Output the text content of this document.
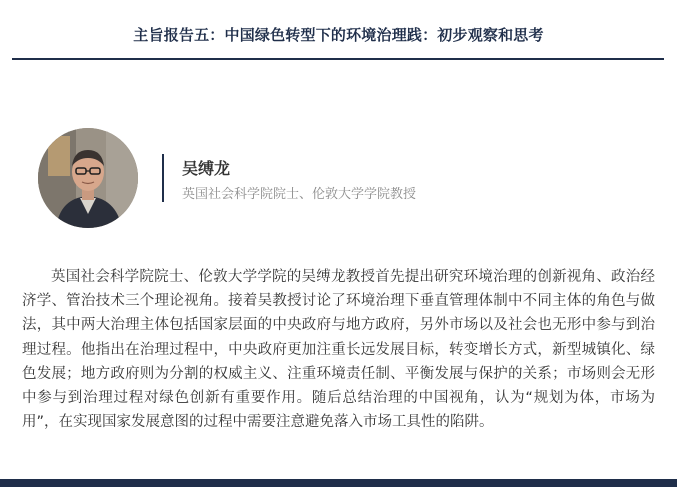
主旨报告五：中国绿色转型下的环境治理践：初步观察和思考
吴缚龙
英国社会科学院院士、伦敦大学学院教授

英国社会科学院院士、伦敦大学学院的吴缚龙教授首先提出研究环境治理的创新视角、政治经济学、管治技术三个理论视角。接着吴教授讨论了环境治理下垂直管理体制中不同主体的角色与做法，其中两大治理主体包括国家层面的中央政府与地方政府，另外市场以及社会也无形中参与到治理过程。他指出在治理过程中，中央政府更加注重长远发展目标，转变增长方式，新型城镇化、绿色发展；地方政府则为分割的权威主义、注重环境责任制、平衡发展与保护的关系；市场则会无形中参与到治理过程对绿色创新有重要作用。随后总结治理的中国视角，认为“规划为体，市场为用”，在实现国家发展意图的过程中需要注意避免落入市场工具性的陷阱。
